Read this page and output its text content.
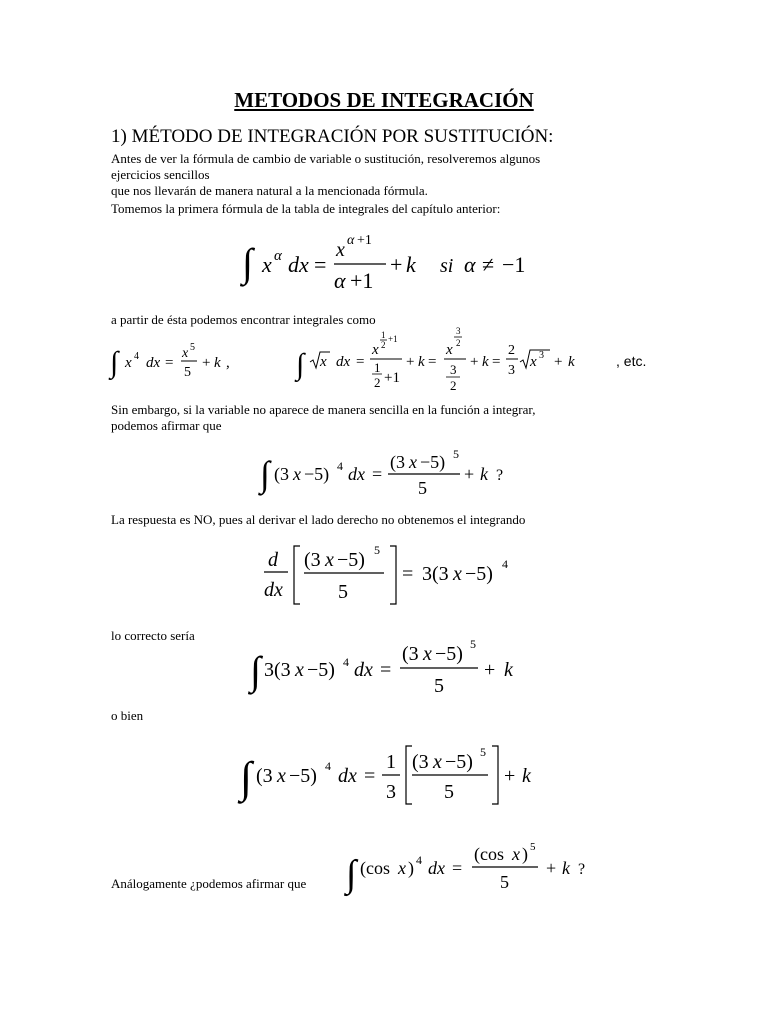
METODOS DE INTEGRACIÓN
1) MÉTODO DE INTEGRACIÓN POR SUSTITUCIÓN:
Antes de ver la fórmula de cambio de variable o sustitución, resolveremos algunos
ejercicios sencillos
que nos llevarán de manera natural a la mencionada fórmula.
Tomemos la primera fórmula de la tabla de integrales del capítulo anterior:
∫ x α dx =
x α +1
α +1
+ k si α ≠ −1
a partir de ésta podemos encontrar integrales como
∫ x 4 dx =
x 5
5
+ k , ∫ x dx =
x
1
2
+1
1
2 +1
+ k =
x
3
2
3
2
+ k =
2
3
x 3 + k	, etc.
Sin embargo, si la variable no aparece de manera sencilla en la función a integrar,
podemos afirmar que
∫ (3 x −5) 4 dx =
(3 x −5) 5
5
+ k ?
La respuesta es NO, pues al derivar el lado derecho no obtenemos el integrando
d
dx
(3 x −5) 5
5
= 3(3 x −5) 4
lo correcto sería
∫ 3(3 x −5) 4 dx =
(3 x −5) 5
5
+ k
o bien
∫ (3 x −5) 4 dx =
1
3
(3 x −5) 5
5
+ k
Análogamente ¿podemos afirmar que ∫ (cos x ) 4 dx =
(cos x ) 5
5
+ k ?
